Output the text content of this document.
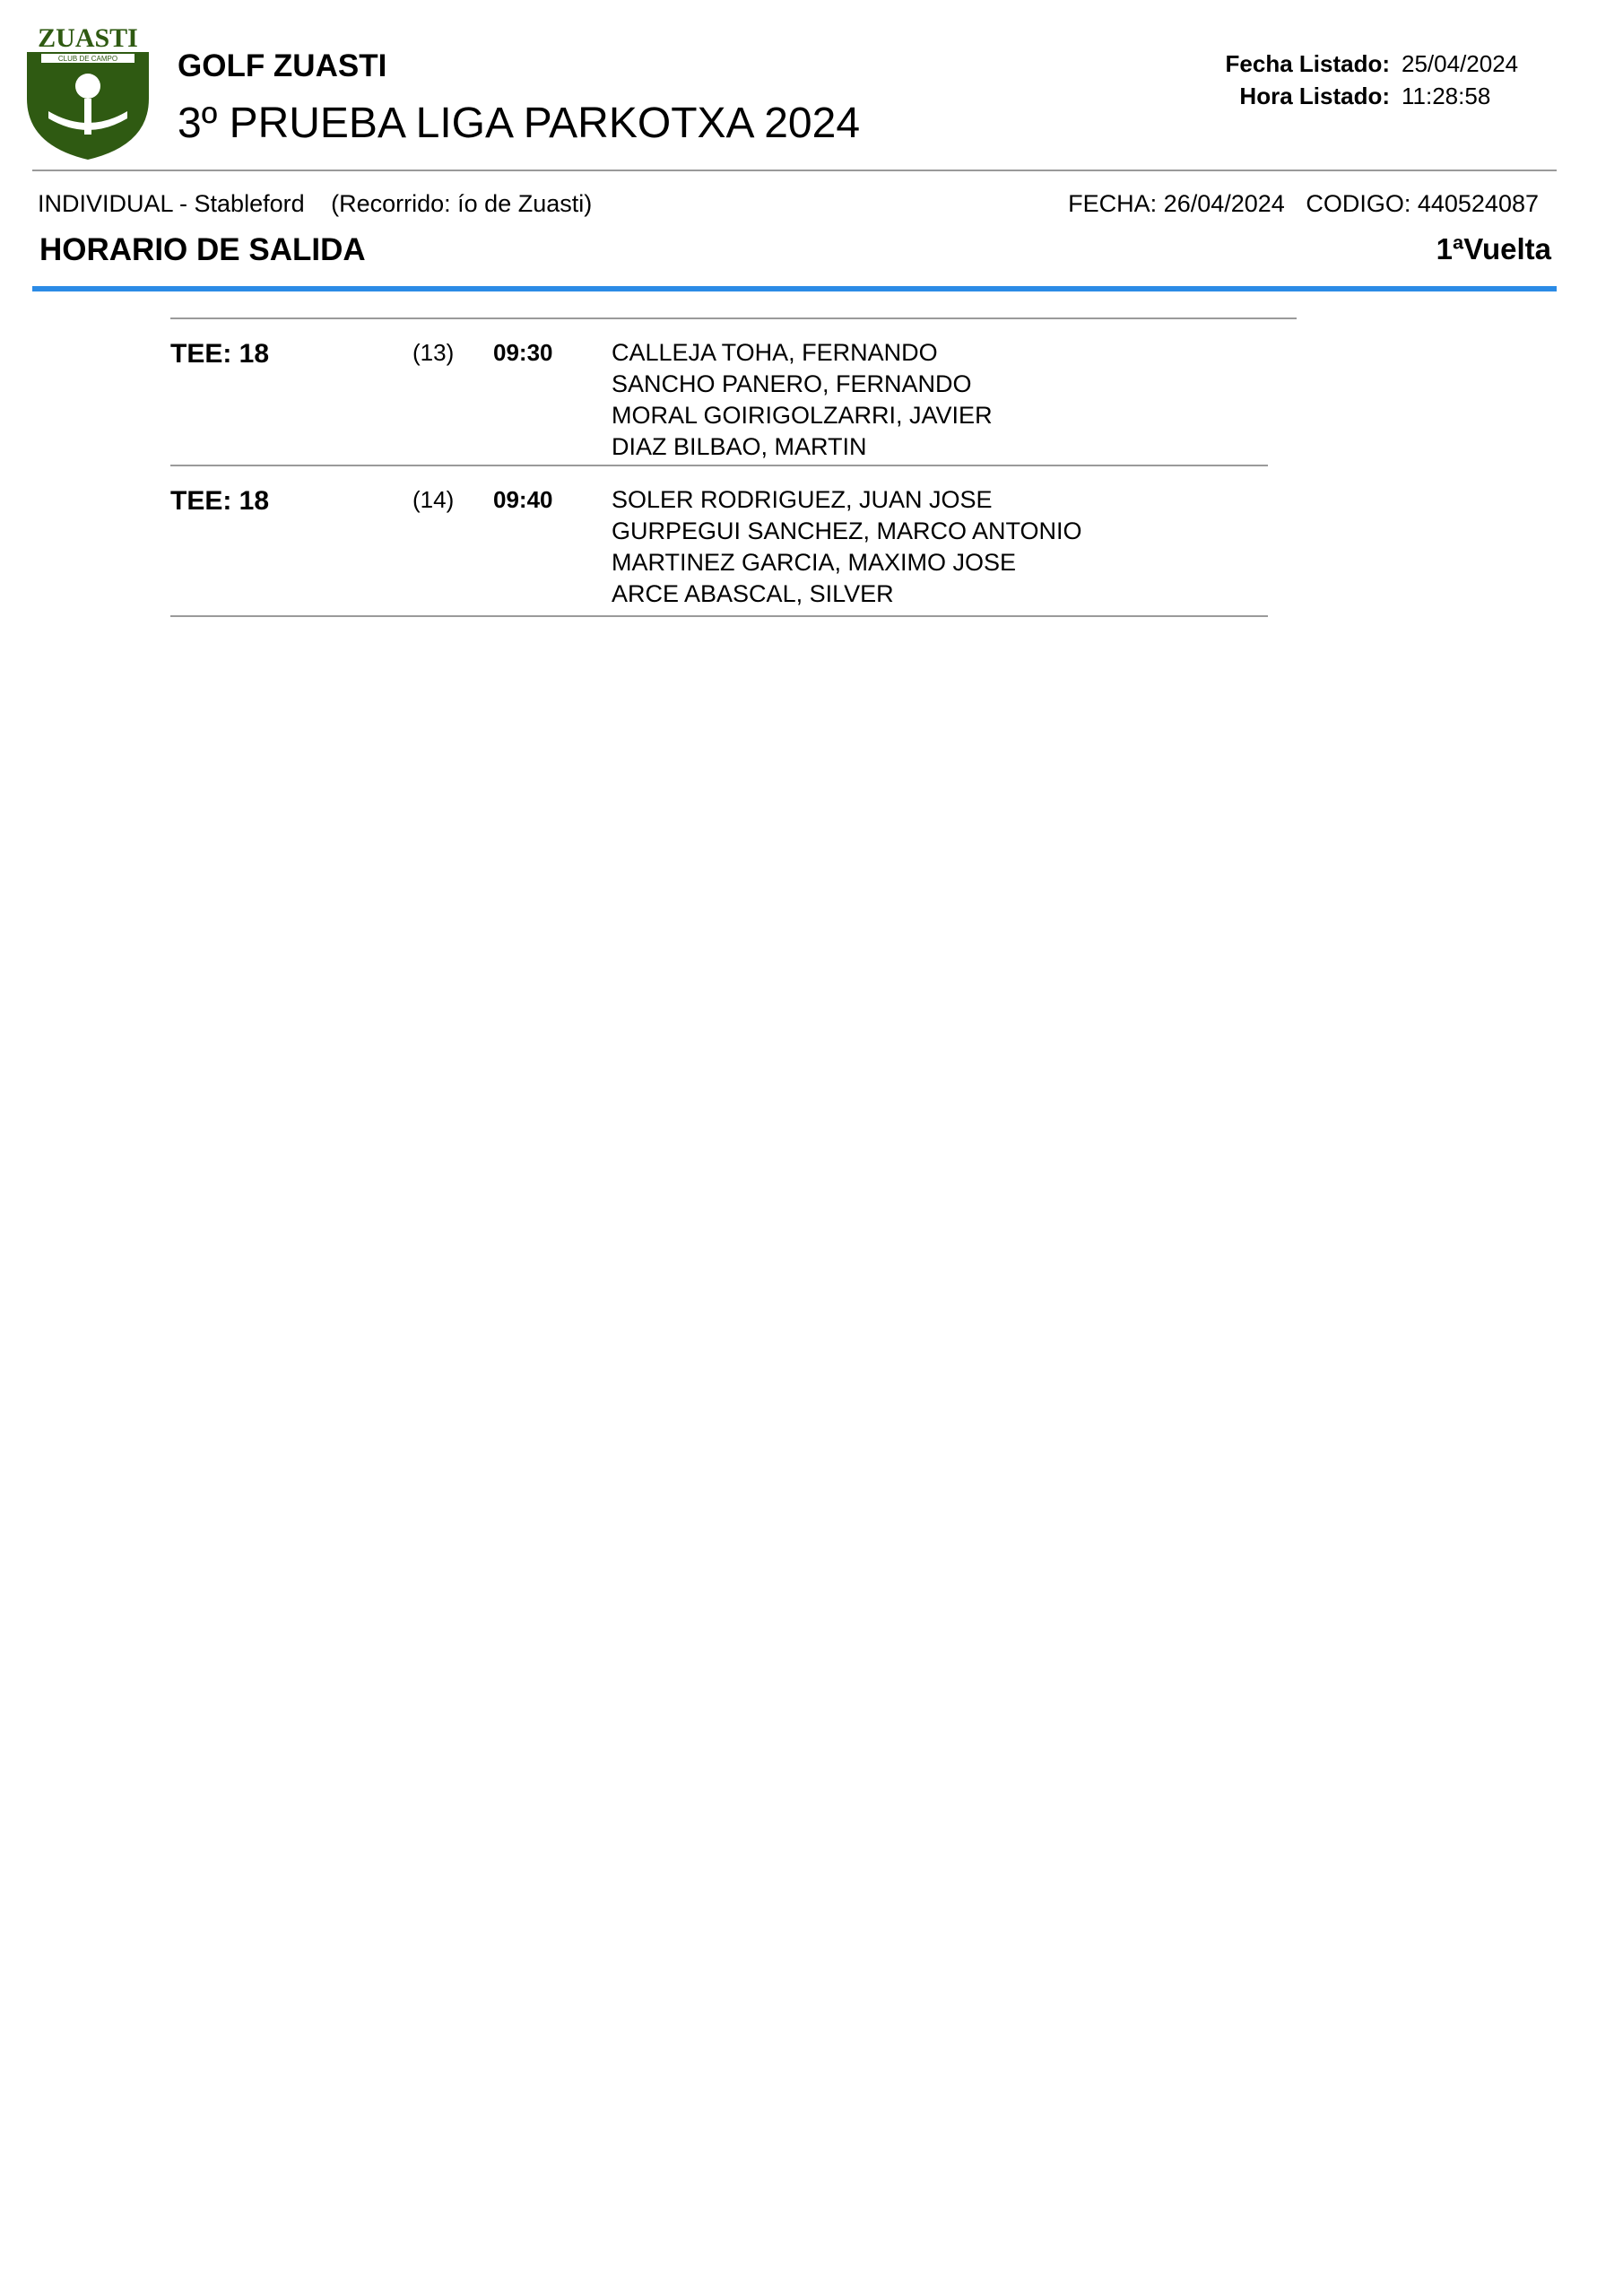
ZUASTI
CLUB DE CAMPO GOLF ZUASTI
3º PRUEBA LIGA PARKOTXA 2024
Fecha Listado: 25/04/2024
Hora Listado: 11:28:58
INDIVIDUAL - Stableford (Recorrido: ío de Zuasti)	FECHA: 26/04/2024 CODIGO: 440524087
HORARIO DE SALIDA	1ªVuelta
TEE: 18	(13) 09:30 CALLEJA TOHA, FERNANDO
SANCHO PANERO, FERNANDO
MORAL GOIRIGOLZARRI, JAVIER
DIAZ BILBAO, MARTIN
TEE: 18	(14) 09:40 SOLER RODRIGUEZ, JUAN JOSE
GURPEGUI SANCHEZ, MARCO ANTONIO
MARTINEZ GARCIA, MAXIMO JOSE
ARCE ABASCAL, SILVER
